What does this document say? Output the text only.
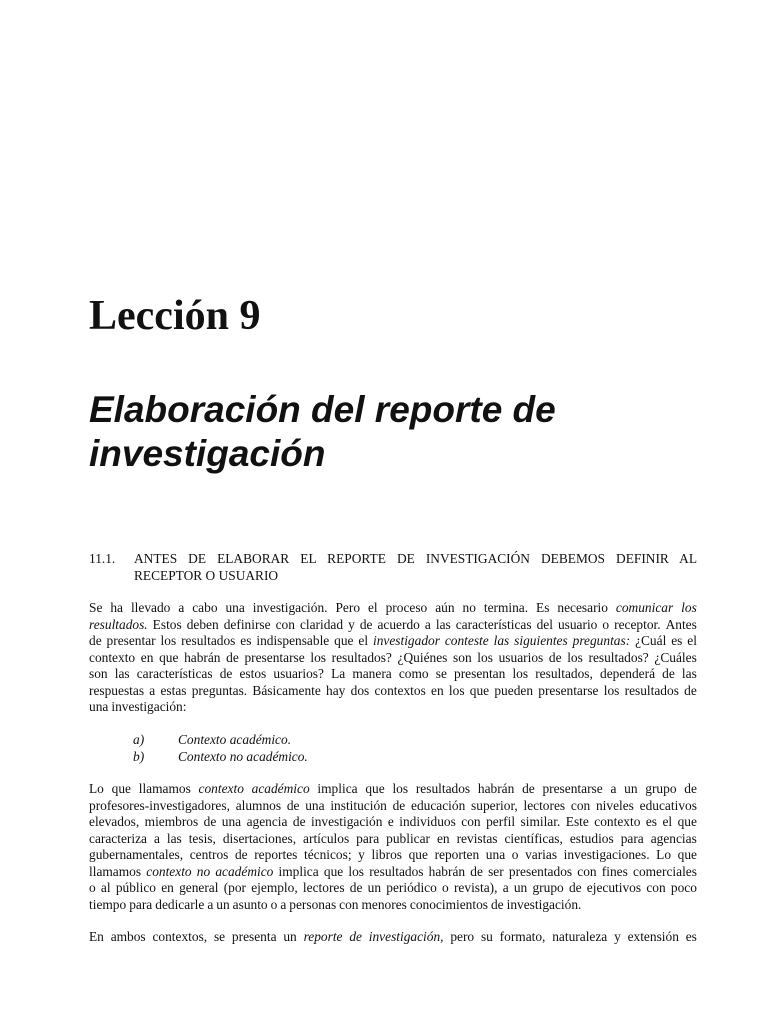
Lección 9
Elaboración del reporte de
investigación
11.1. ANTES DE ELABORAR EL REPORTE DE INVESTIGACIÓN DEBEMOS DEFINIR AL
RECEPTOR O USUARIO
Se ha llevado a cabo una investigación. Pero el proceso aún no termina. Es necesario comunicar los
resultados. Estos deben definirse con claridad y de acuerdo a las características del usuario o receptor. Antes
de presentar los resultados es indispensable que el investigador conteste las siguientes preguntas: ¿Cuál es el
contexto en que habrán de presentarse los resultados? ¿Quiénes son los usuarios de los resultados? ¿Cuáles
son las características de estos usuarios? La manera como se presentan los resultados, dependerá de las
respuestas a estas preguntas. Básicamente hay dos contextos en los que pueden presentarse los resultados de
una investigación:
a)	Contexto académico.
b)	Contexto no académico.
Lo que llamamos contexto académico implica que los resultados habrán de presentarse a un grupo de
profesores-investigadores, alumnos de una institución de educación superior, lectores con niveles educativos
elevados, miembros de una agencia de investigación e individuos con perfil similar. Este contexto es el que
caracteriza a las tesis, disertaciones, artículos para publicar en revistas científicas, estudios para agencias
gubernamentales, centros de reportes técnicos; y libros que reporten una o varias investigaciones. Lo que
llamamos contexto no académico implica que los resultados habrán de ser presentados con fines comerciales
o al público en general (por ejemplo, lectores de un periódico o revista), a un grupo de ejecutivos con poco
tiempo para dedicarle a un asunto o a personas con menores conocimientos de investigación.
En ambos contextos, se presenta un reporte de investigación, pero su formato, naturaleza y extensión es
